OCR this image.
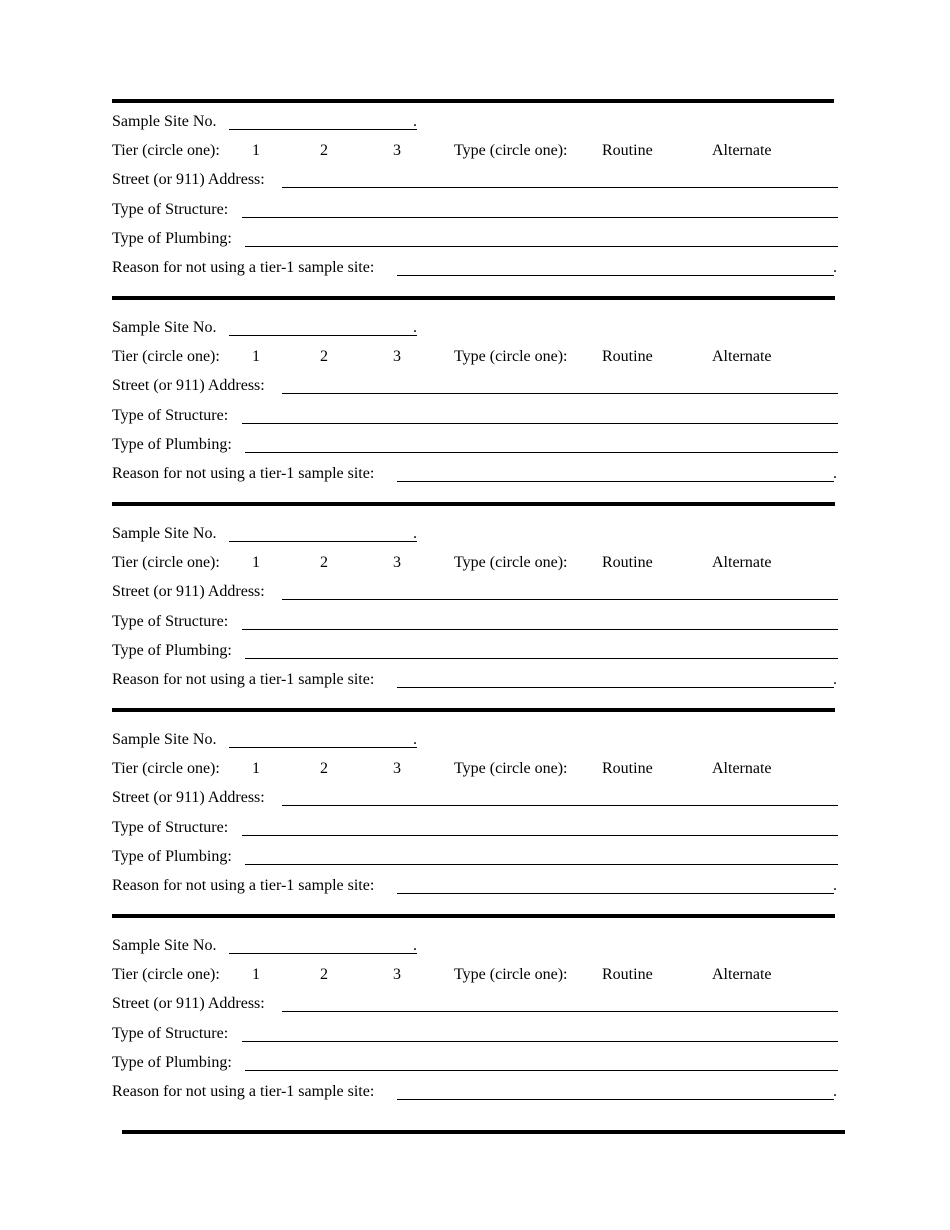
Sample Site No.	.
Tier (circle one): 1	2	3	Type (circle one): Routine	Alternate
Street (or 911) Address:
Type of Structure:
Type of Plumbing:
Reason for not using a tier-1 sample site:	.
Sample Site No.	.
Tier (circle one): 1	2	3	Type (circle one): Routine	Alternate
Street (or 911) Address:
Type of Structure:
Type of Plumbing:
Reason for not using a tier-1 sample site:	.
Sample Site No.	.
Tier (circle one): 1	2	3	Type (circle one): Routine	Alternate
Street (or 911) Address:
Type of Structure:
Type of Plumbing:
Reason for not using a tier-1 sample site:	.
Sample Site No.	.
Tier (circle one): 1	2	3	Type (circle one): Routine	Alternate
Street (or 911) Address:
Type of Structure:
Type of Plumbing:
Reason for not using a tier-1 sample site:	.
Sample Site No.	.
Tier (circle one): 1	2	3	Type (circle one): Routine	Alternate
Street (or 911) Address:
Type of Structure:
Type of Plumbing:
Reason for not using a tier-1 sample site:	.
